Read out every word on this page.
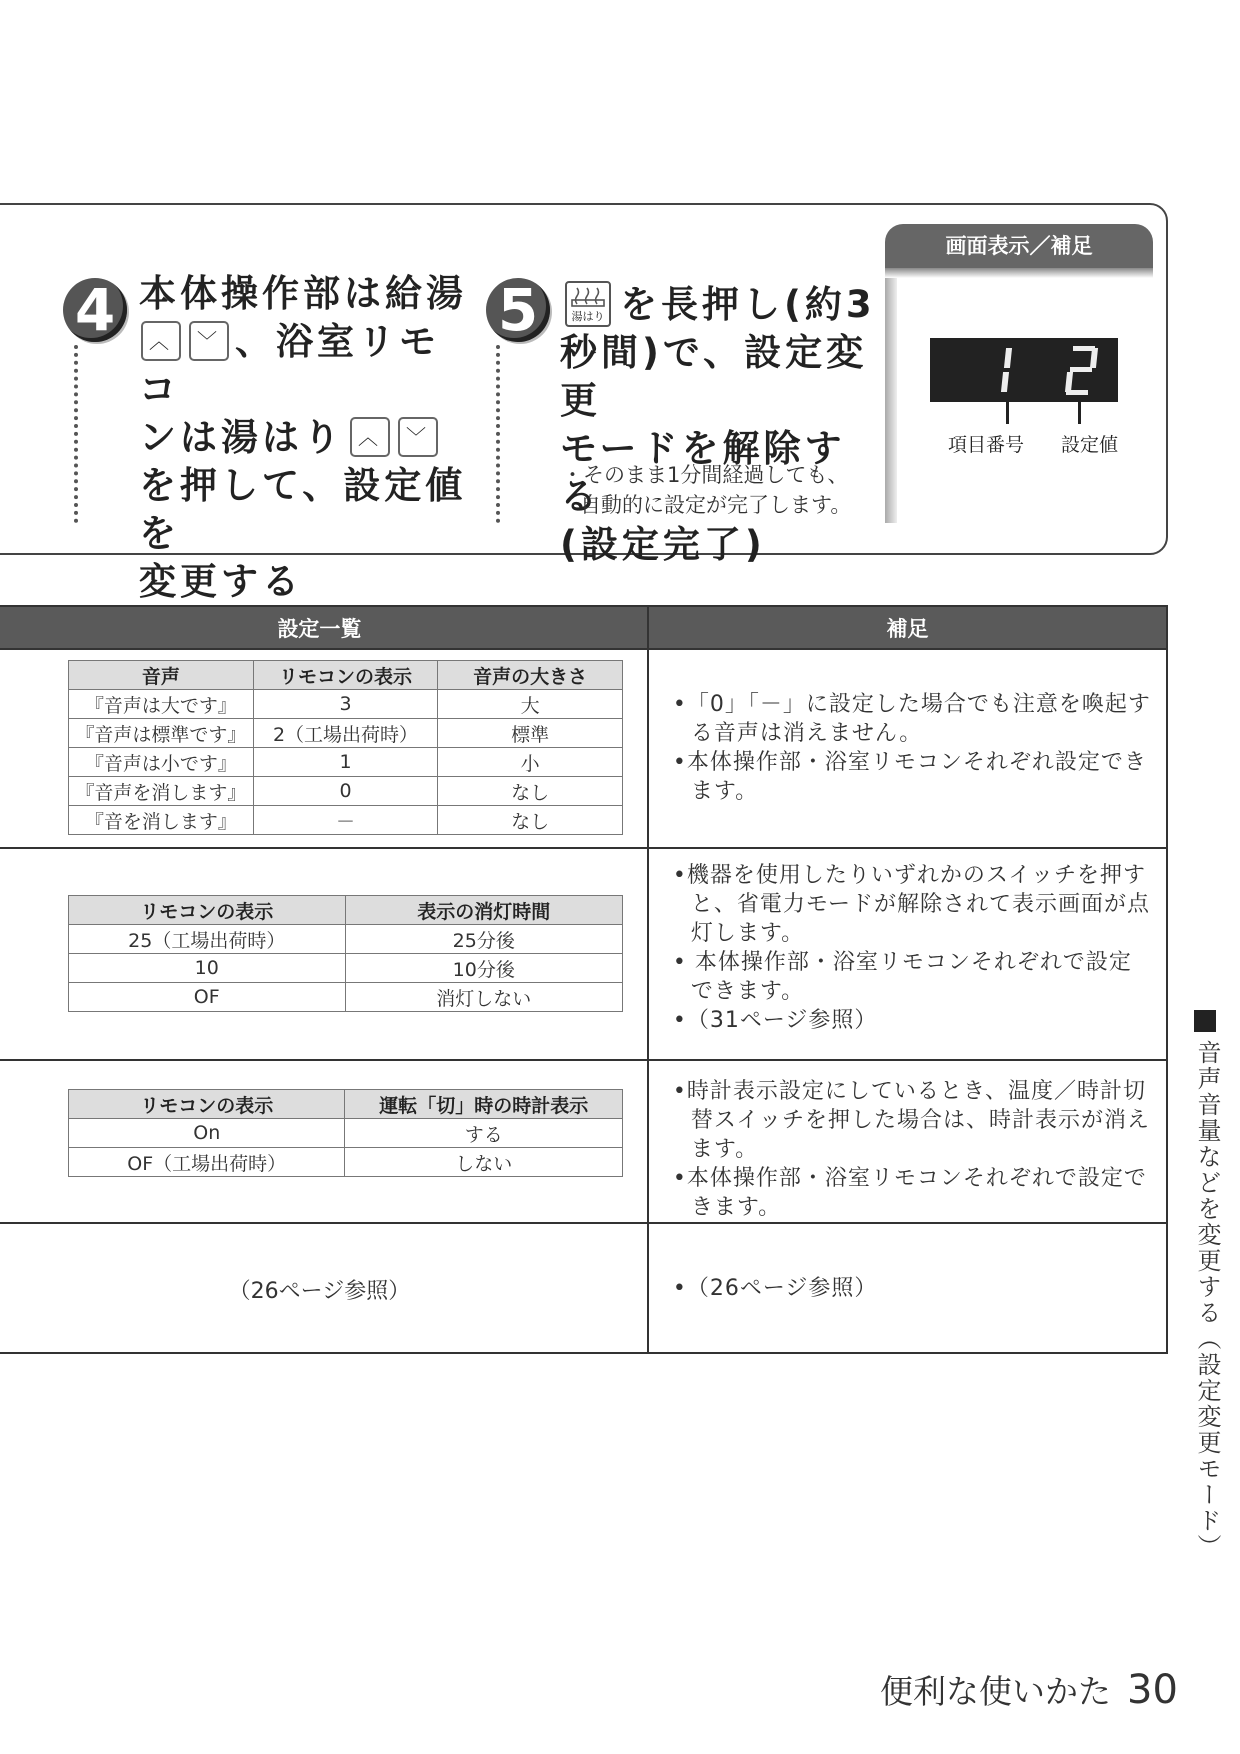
4 本体操作部は給湯
︿	﹀ 、浴室リモコ
ンは湯はり ︿	﹀
を押して、設定値を
変更する
5	湯はり を長押し(約3
秒間)で、設定変更
モードを解除する
(設定完了)
・そのまま1分間経過しても、
自動的に設定が完了します。
画面表示／補足
項目番号 設定値
設定一覧	補足

音声	リモコンの表示	音声の大きさ
『音声は大です』	3	大
『音声は標準です』	2（工場出荷時）	標準
『音声は小です』	1	小
『音声を消します』	0	なし
『音を消します』	－	なし

•「0」「－」に設定した場合でも注意を喚起する音声は消えません。

•本体操作部・浴室リモコンそれぞれ設定できます。

リモコンの表示	表示の消灯時間
25（工場出荷時）	25分後
10	10分後
OF	消灯しない

•機器を使用したりいずれかのスイッチを押すと、省電力モードが解除されて表示画面が点灯します。

• 本体操作部・浴室リモコンそれぞれで設定できます。

•（31ページ参照）

リモコンの表示	運転「切」時の時計表示
On	する
OF（工場出荷時）	しない

•時計表示設定にしているとき、温度／時計切替スイッチを押した場合は、時計表示が消えます。

•本体操作部・浴室リモコンそれぞれで設定できます。

（26ページ参照）	•（26ページ参照）	音声音量などを変更する（設定変更モード）
便利な使いかた 30
